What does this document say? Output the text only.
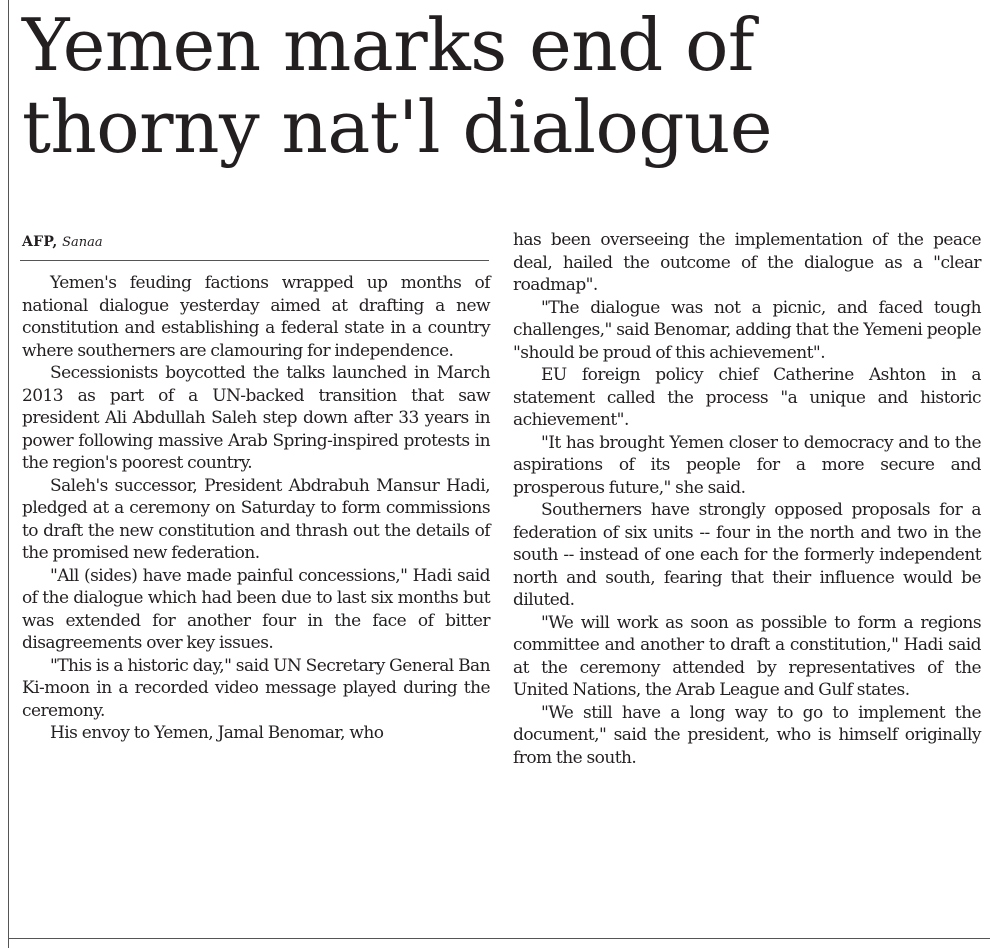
Yemen marks end of thorny nat'l dialogue
AFP, Sanaa

Yemen's feuding factions wrapped up months of national dialogue yesterday aimed at drafting a new constitution and establishing a federal state in a country where southerners are clamouring for independence.

Secessionists boycotted the talks launched in March 2013 as part of a UN-backed transition that saw president Ali Abdullah Saleh step down after 33 years in power following massive Arab Spring-inspired protests in the region's poorest country.

Saleh's successor, President Abdrabuh Mansur Hadi, pledged at a ceremony on Saturday to form commissions to draft the new constitution and thrash out the details of the promised new federation.

"All (sides) have made painful concessions," Hadi said of the dialogue which had been due to last six months but was extended for another four in the face of bitter disagreements over key issues.

"This is a historic day," said UN Secretary General Ban Ki-moon in a recorded video message played during the ceremony.

His envoy to Yemen, Jamal Benomar, who

has been overseeing the implementation of the peace deal, hailed the outcome of the dialogue as a "clear roadmap".

"The dialogue was not a picnic, and faced tough challenges," said Benomar, adding that the Yemeni people "should be proud of this achievement".

EU foreign policy chief Catherine Ashton in a statement called the process "a unique and historic achievement".

"It has brought Yemen closer to democracy and to the aspirations of its people for a more secure and prosperous future," she said.

Southerners have strongly opposed proposals for a federation of six units -- four in the north and two in the south -- instead of one each for the formerly independent north and south, fearing that their influence would be diluted.

"We will work as soon as possible to form a regions committee and another to draft a constitution," Hadi said at the ceremony attended by representatives of the United Nations, the Arab League and Gulf states.

"We still have a long way to go to implement the document," said the president, who is himself originally from the south.
